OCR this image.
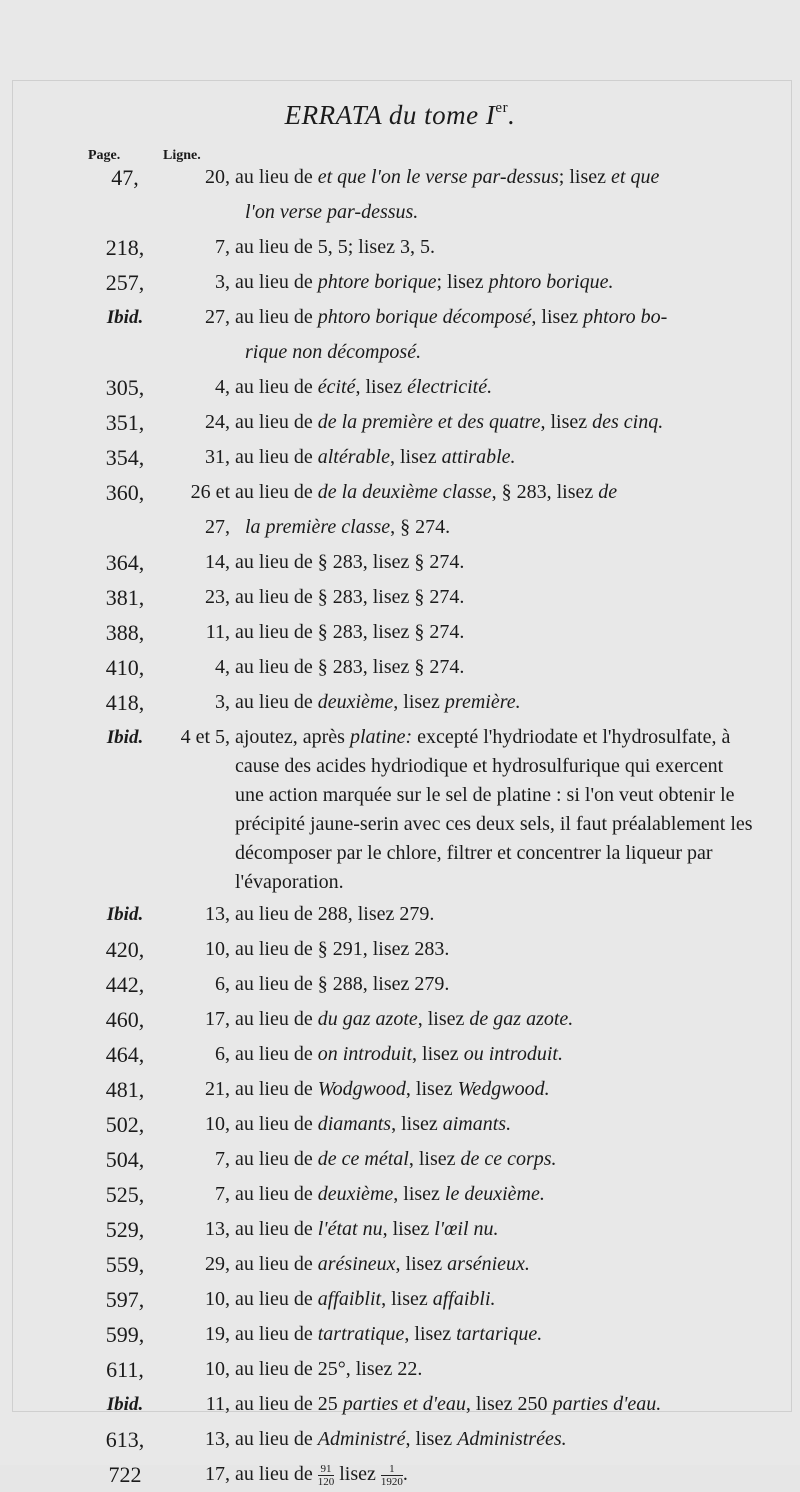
ERRATA du tome Ier.
Page.	Ligne.
47,	20, au lieu de et que l'on le verse par-dessus; lisez et que
l'on verse par-dessus.
218,	7, au lieu de 5, 5; lisez 3, 5.
257,	3, au lieu de phtore borique; lisez phtoro borique.
Ibid.	27, au lieu de phtoro borique décomposé, lisez phtoro bo-
rique non décomposé.
305,	4, au lieu de écité, lisez électricité.
351,	24, au lieu de de la première et des quatre, lisez des cinq.
354,	31, au lieu de altérable, lisez attirable.
360,	26 et 27,
au lieu de de la deuxième classe, § 283, lisez de
la première classe, § 274.
364,	14, au lieu de § 283, lisez § 274.
381,	23, au lieu de § 283, lisez § 274.
388,	11, au lieu de § 283, lisez § 274.
410,	4, au lieu de § 283, lisez § 274.
418,	3, au lieu de deuxième, lisez première.
Ibid.	4 et 5, ajoutez, après platine: excepté l'hydriodate et l'hydrosulfate, à cause des acides hydriodique et hydrosulfurique qui exercent une action marquée sur le sel de platine : si l'on veut obtenir le précipité jaune-serin avec ces deux sels, il faut préalablement les décomposer par le chlore, filtrer et concentrer la liqueur par l'évaporation.
Ibid.	13, au lieu de 288, lisez 279.
420,	10, au lieu de § 291, lisez 283.
442,	6, au lieu de § 288, lisez 279.
460,	17, au lieu de du gaz azote, lisez de gaz azote.
464,	6, au lieu de on introduit, lisez ou introduit.
481,	21, au lieu de Wodgwood, lisez Wedgwood.
502,	10, au lieu de diamants, lisez aimants.
504,	7, au lieu de de ce métal, lisez de ce corps.
525,	7, au lieu de deuxième, lisez le deuxième.
529,	13, au lieu de l'état nu, lisez l'œil nu.
559,	29, au lieu de arésineux, lisez arsénieux.
597,	10, au lieu de affaiblit, lisez affaibli.
599,	19, au lieu de tartratique, lisez tartarique.
611,	10, au lieu de 25°, lisez 22.
Ibid.	11, au lieu de 25 parties et d'eau, lisez 250 parties d'eau.
613,	13, au lieu de Administré, lisez Administrées.
722	17, au lieu de $\frac{91}{120}$ lisez $\frac{1}{1920}$ .
